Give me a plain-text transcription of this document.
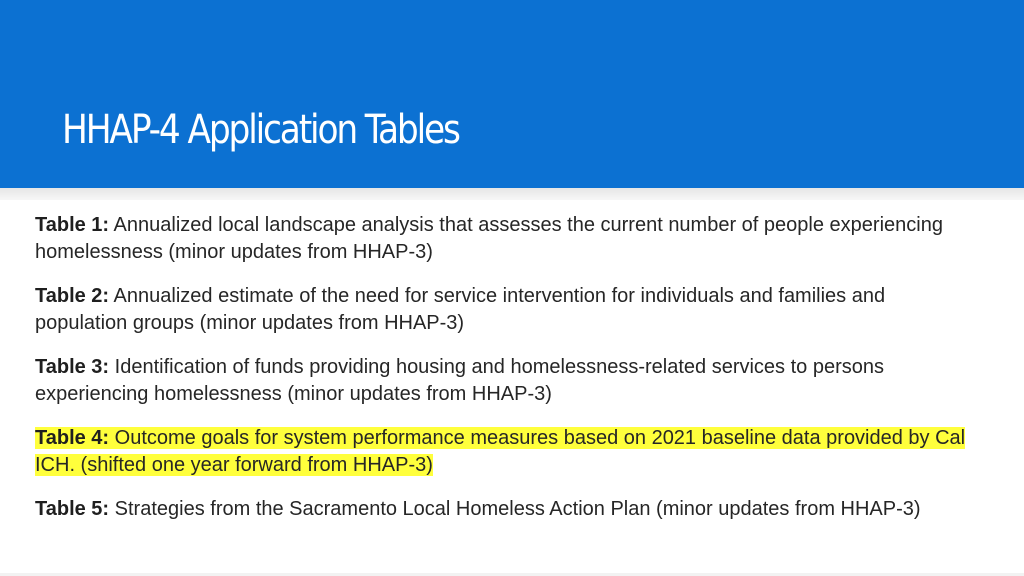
HHAP-4 Application Tables
Table 1: Annualized local landscape analysis that assesses the current number of people experiencing homelessness (minor updates from HHAP-3)
Table 2: Annualized estimate of the need for service intervention for individuals and families and population groups (minor updates from HHAP-3)
Table 3: Identification of funds providing housing and homelessness-related services to persons experiencing homelessness (minor updates from HHAP-3)
Table 4: Outcome goals for system performance measures based on 2021 baseline data provided by Cal ICH. (shifted one year forward from HHAP-3)
Table 5: Strategies from the Sacramento Local Homeless Action Plan (minor updates from HHAP-3)
